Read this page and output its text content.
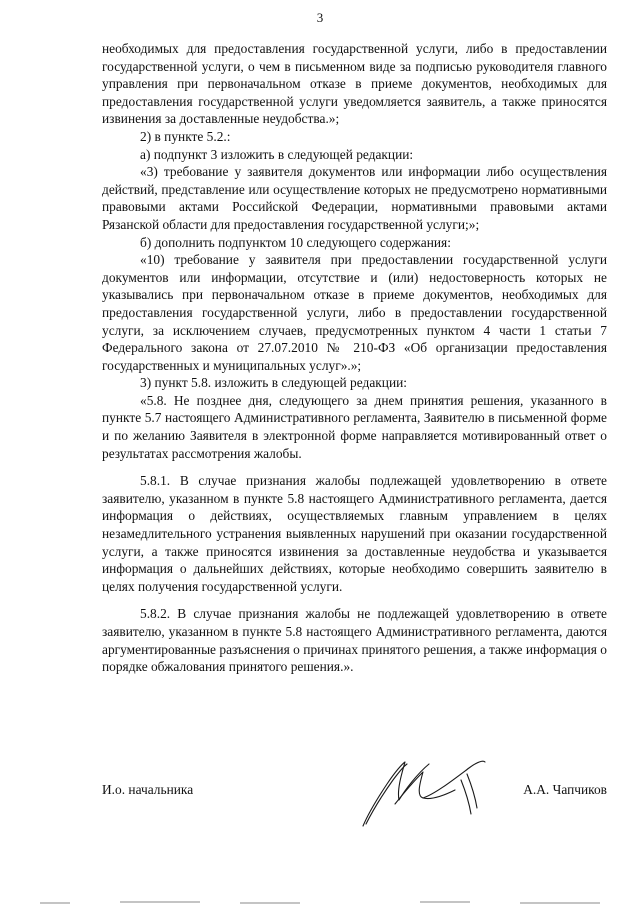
3

необходимых для предоставления государственной услуги, либо в предоставлении государственной услуги, о чем в письменном виде за подписью руководителя главного управления при первоначальном отказе в приеме документов, необходимых для предоставления государственной услуги уведомляется заявитель, а также приносятся извинения за доставленные неудобства.»;

2) в пункте 5.2.:

а) подпункт 3 изложить в следующей редакции:

«3) требование у заявителя документов или информации либо осуществления действий, представление или осуществление которых не предусмотрено нормативными правовыми актами Российской Федерации, нормативными правовыми актами Рязанской области для предоставления государственной услуги;»;

б) дополнить подпунктом 10 следующего содержания:

«10) требование у заявителя при предоставлении государственной услуги документов или информации, отсутствие и (или) недостоверность которых не указывались при первоначальном отказе в приеме документов, необходимых для предоставления государственной услуги, либо в предоставлении государственной услуги, за исключением случаев, предусмотренных пунктом 4 части 1 статьи 7 Федерального закона от 27.07.2010 № 210-ФЗ «Об организации предоставления государственных и муниципальных услуг».»;

3) пункт 5.8. изложить в следующей редакции:

«5.8. Не позднее дня, следующего за днем принятия решения, указанного в пункте 5.7 настоящего Административного регламента, Заявителю в письменной форме и по желанию Заявителя в электронной форме направляется мотивированный ответ о результатах рассмотрения жалобы.

5.8.1. В случае признания жалобы подлежащей удовлетворению в ответе заявителю, указанном в пункте 5.8 настоящего Административного регламента, дается информация о действиях, осуществляемых главным управлением в целях незамедлительного устранения выявленных нарушений при оказании государственной услуги, а также приносятся извинения за доставленные неудобства и указывается информация о дальнейших действиях, которые необходимо совершить заявителю в целях получения государственной услуги.

5.8.2. В случае признания жалобы не подлежащей удовлетворению в ответе заявителю, указанном в пункте 5.8 настоящего Административного регламента, даются аргументированные разъяснения о причинах принятого решения, а также информация о порядке обжалования принятого решения.».

И.о. начальника	А.А. Чапчиков
